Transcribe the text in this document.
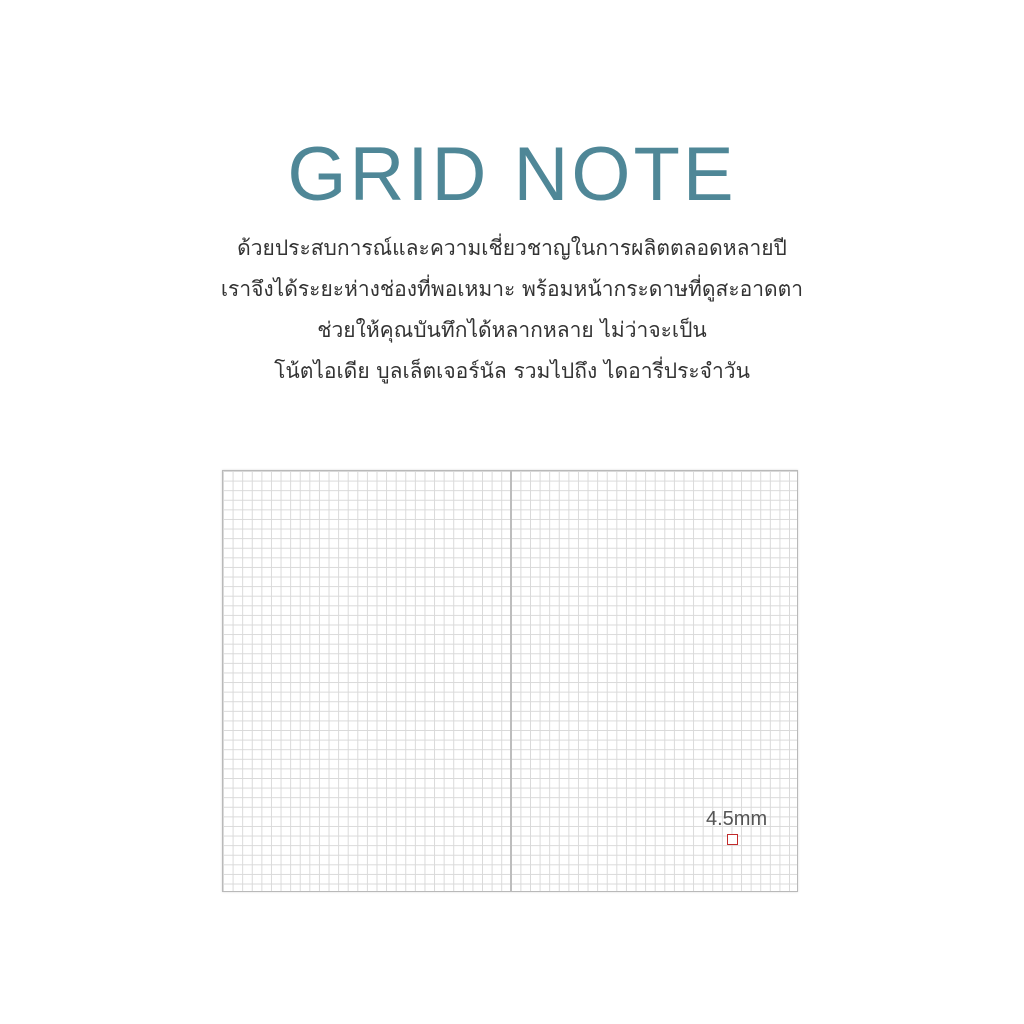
GRID NOTE
ด้วยประสบการณ์และความเชี่ยวชาญในการผลิตตลอดหลายปี
เราจึงได้ระยะห่างช่องที่พอเหมาะ พร้อมหน้ากระดาษที่ดูสะอาดตา
ช่วยให้คุณบันทึกได้หลากหลาย ไม่ว่าจะเป็น
โน้ตไอเดีย บูลเล็ตเจอร์นัล รวมไปถึง ไดอารี่ประจำวัน
4.5mm
